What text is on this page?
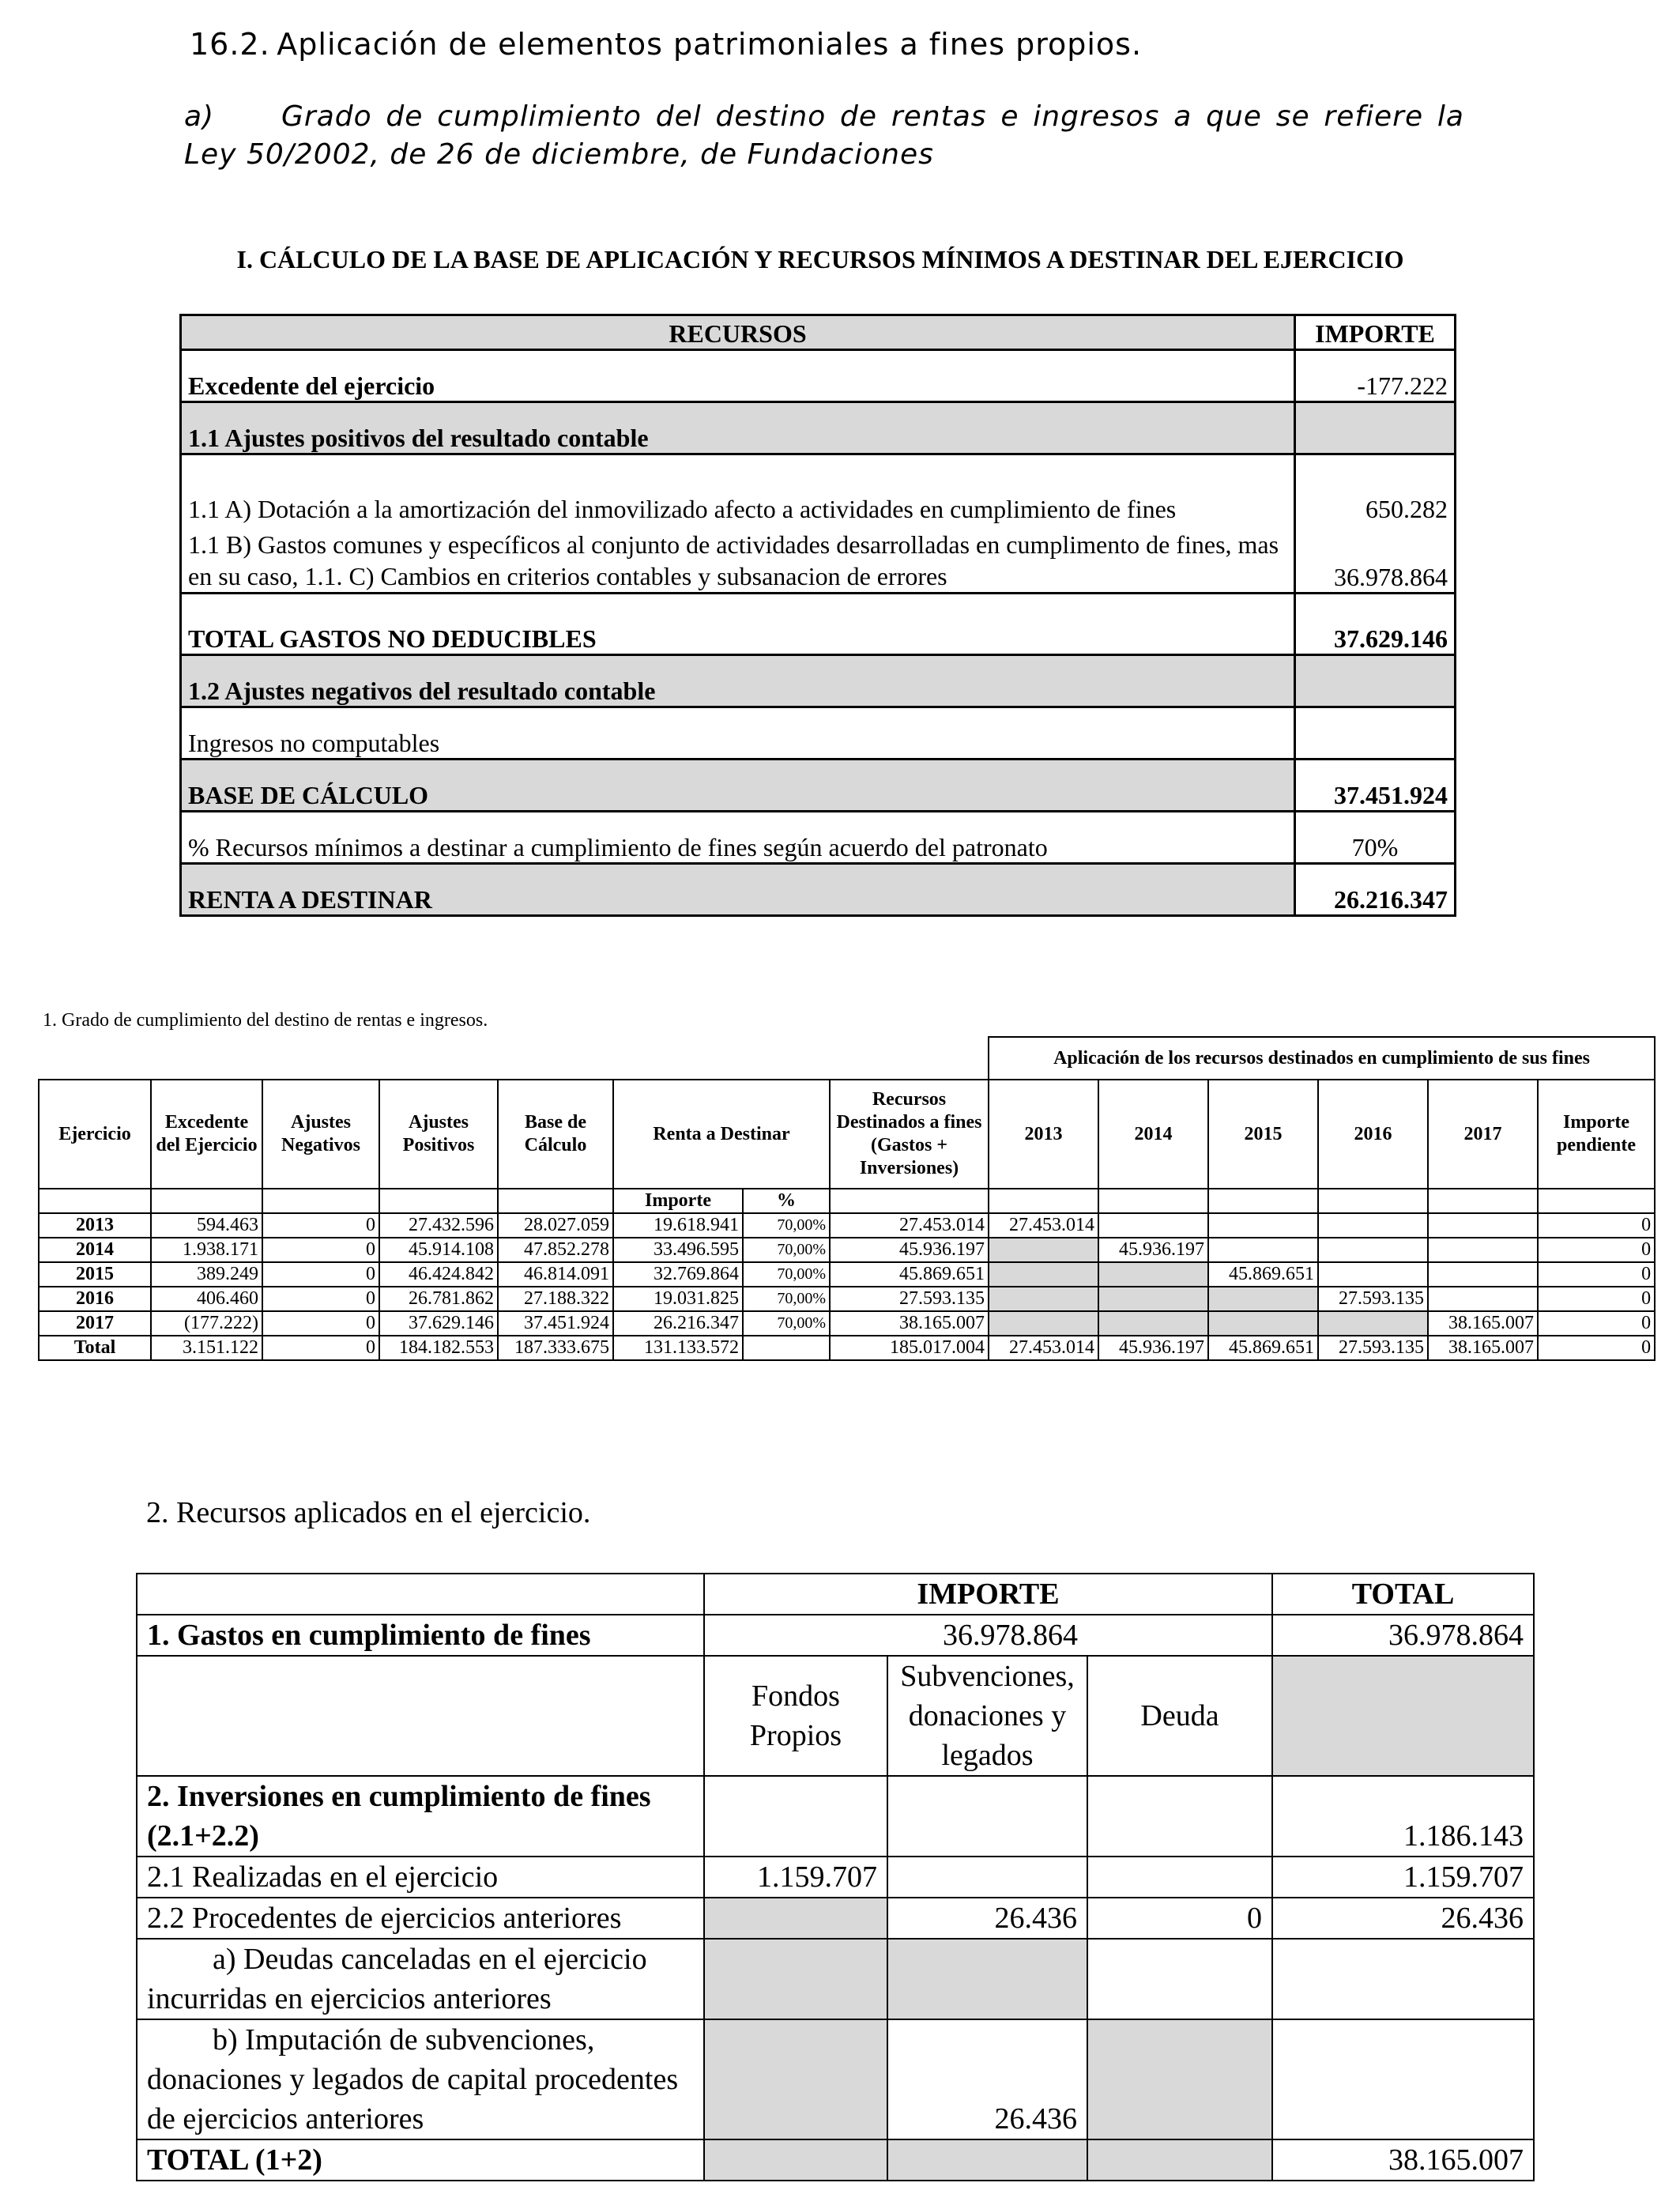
16.2. Aplicación de elementos patrimoniales a fines propios.
a) Grado de cumplimiento del destino de rentas e ingresos a que se refiere la Ley 50/2002, de 26 de diciembre, de Fundaciones
I. CÁLCULO DE LA BASE DE APLICACIÓN Y RECURSOS MÍNIMOS A DESTINAR DEL EJERCICIO
RECURSOS	IMPORTE
Excedente del ejercicio	-177.222
1.1 Ajustes positivos del resultado contable	
1.1 A) Dotación a la amortización del inmovilizado afecto a actividades en cumplimiento de fines	650.282
1.1 B) Gastos comunes y específicos al conjunto de actividades desarrolladas en cumplimento de fines, mas en su caso, 1.1. C) Cambios en criterios contables y subsanacion de errores	36.978.864
TOTAL GASTOS NO DEDUCIBLES	37.629.146
1.2 Ajustes negativos del resultado contable	
Ingresos no computables	
BASE DE CÁLCULO	37.451.924
% Recursos mínimos a destinar a cumplimiento de fines según acuerdo del patronato	70%
RENTA A DESTINAR	26.216.347
1. Grado de cumplimiento del destino de rentas e ingresos.
								Aplicación de los recursos destinados en cumplimiento de sus fines					
Ejercicio	Excedente del Ejercicio	Ajustes Negativos	Ajustes Positivos	Base de Cálculo	Renta a Destinar		Recursos Destinados a fines (Gastos + Inversiones)	2013	2014	2015	2016	2017	Importe pendiente
					Importe	%							
2013	594.463	0	27.432.596	28.027.059	19.618.941	70,00%	27.453.014	27.453.014					0
2014	1.938.171	0	45.914.108	47.852.278	33.496.595	70,00%	45.936.197		45.936.197				0
2015	389.249	0	46.424.842	46.814.091	32.769.864	70,00%	45.869.651			45.869.651			0
2016	406.460	0	26.781.862	27.188.322	19.031.825	70,00%	27.593.135				27.593.135		0
2017	(177.222)	0	37.629.146	37.451.924	26.216.347	70,00%	38.165.007					38.165.007	0
Total	3.151.122	0	184.182.553	187.333.675	131.133.572		185.017.004	27.453.014	45.936.197	45.869.651	27.593.135	38.165.007	0
2. Recursos aplicados en el ejercicio.
	IMPORTE			TOTAL
1. Gastos en cumplimiento de fines	36.978.864			36.978.864
	Fondos Propios	Subvenciones, donaciones y legados	Deuda	
2. Inversiones en cumplimiento de fines (2.1+2.2)				1.186.143
2.1 Realizadas en el ejercicio	1.159.707			1.159.707
2.2 Procedentes de ejercicios anteriores		26.436	0	26.436
a) Deudas canceladas en el ejercicio incurridas en ejercicios anteriores				
b) Imputación de subvenciones, donaciones y legados de capital procedentes de ejercicios anteriores		26.436		
TOTAL (1+2)				38.165.007
